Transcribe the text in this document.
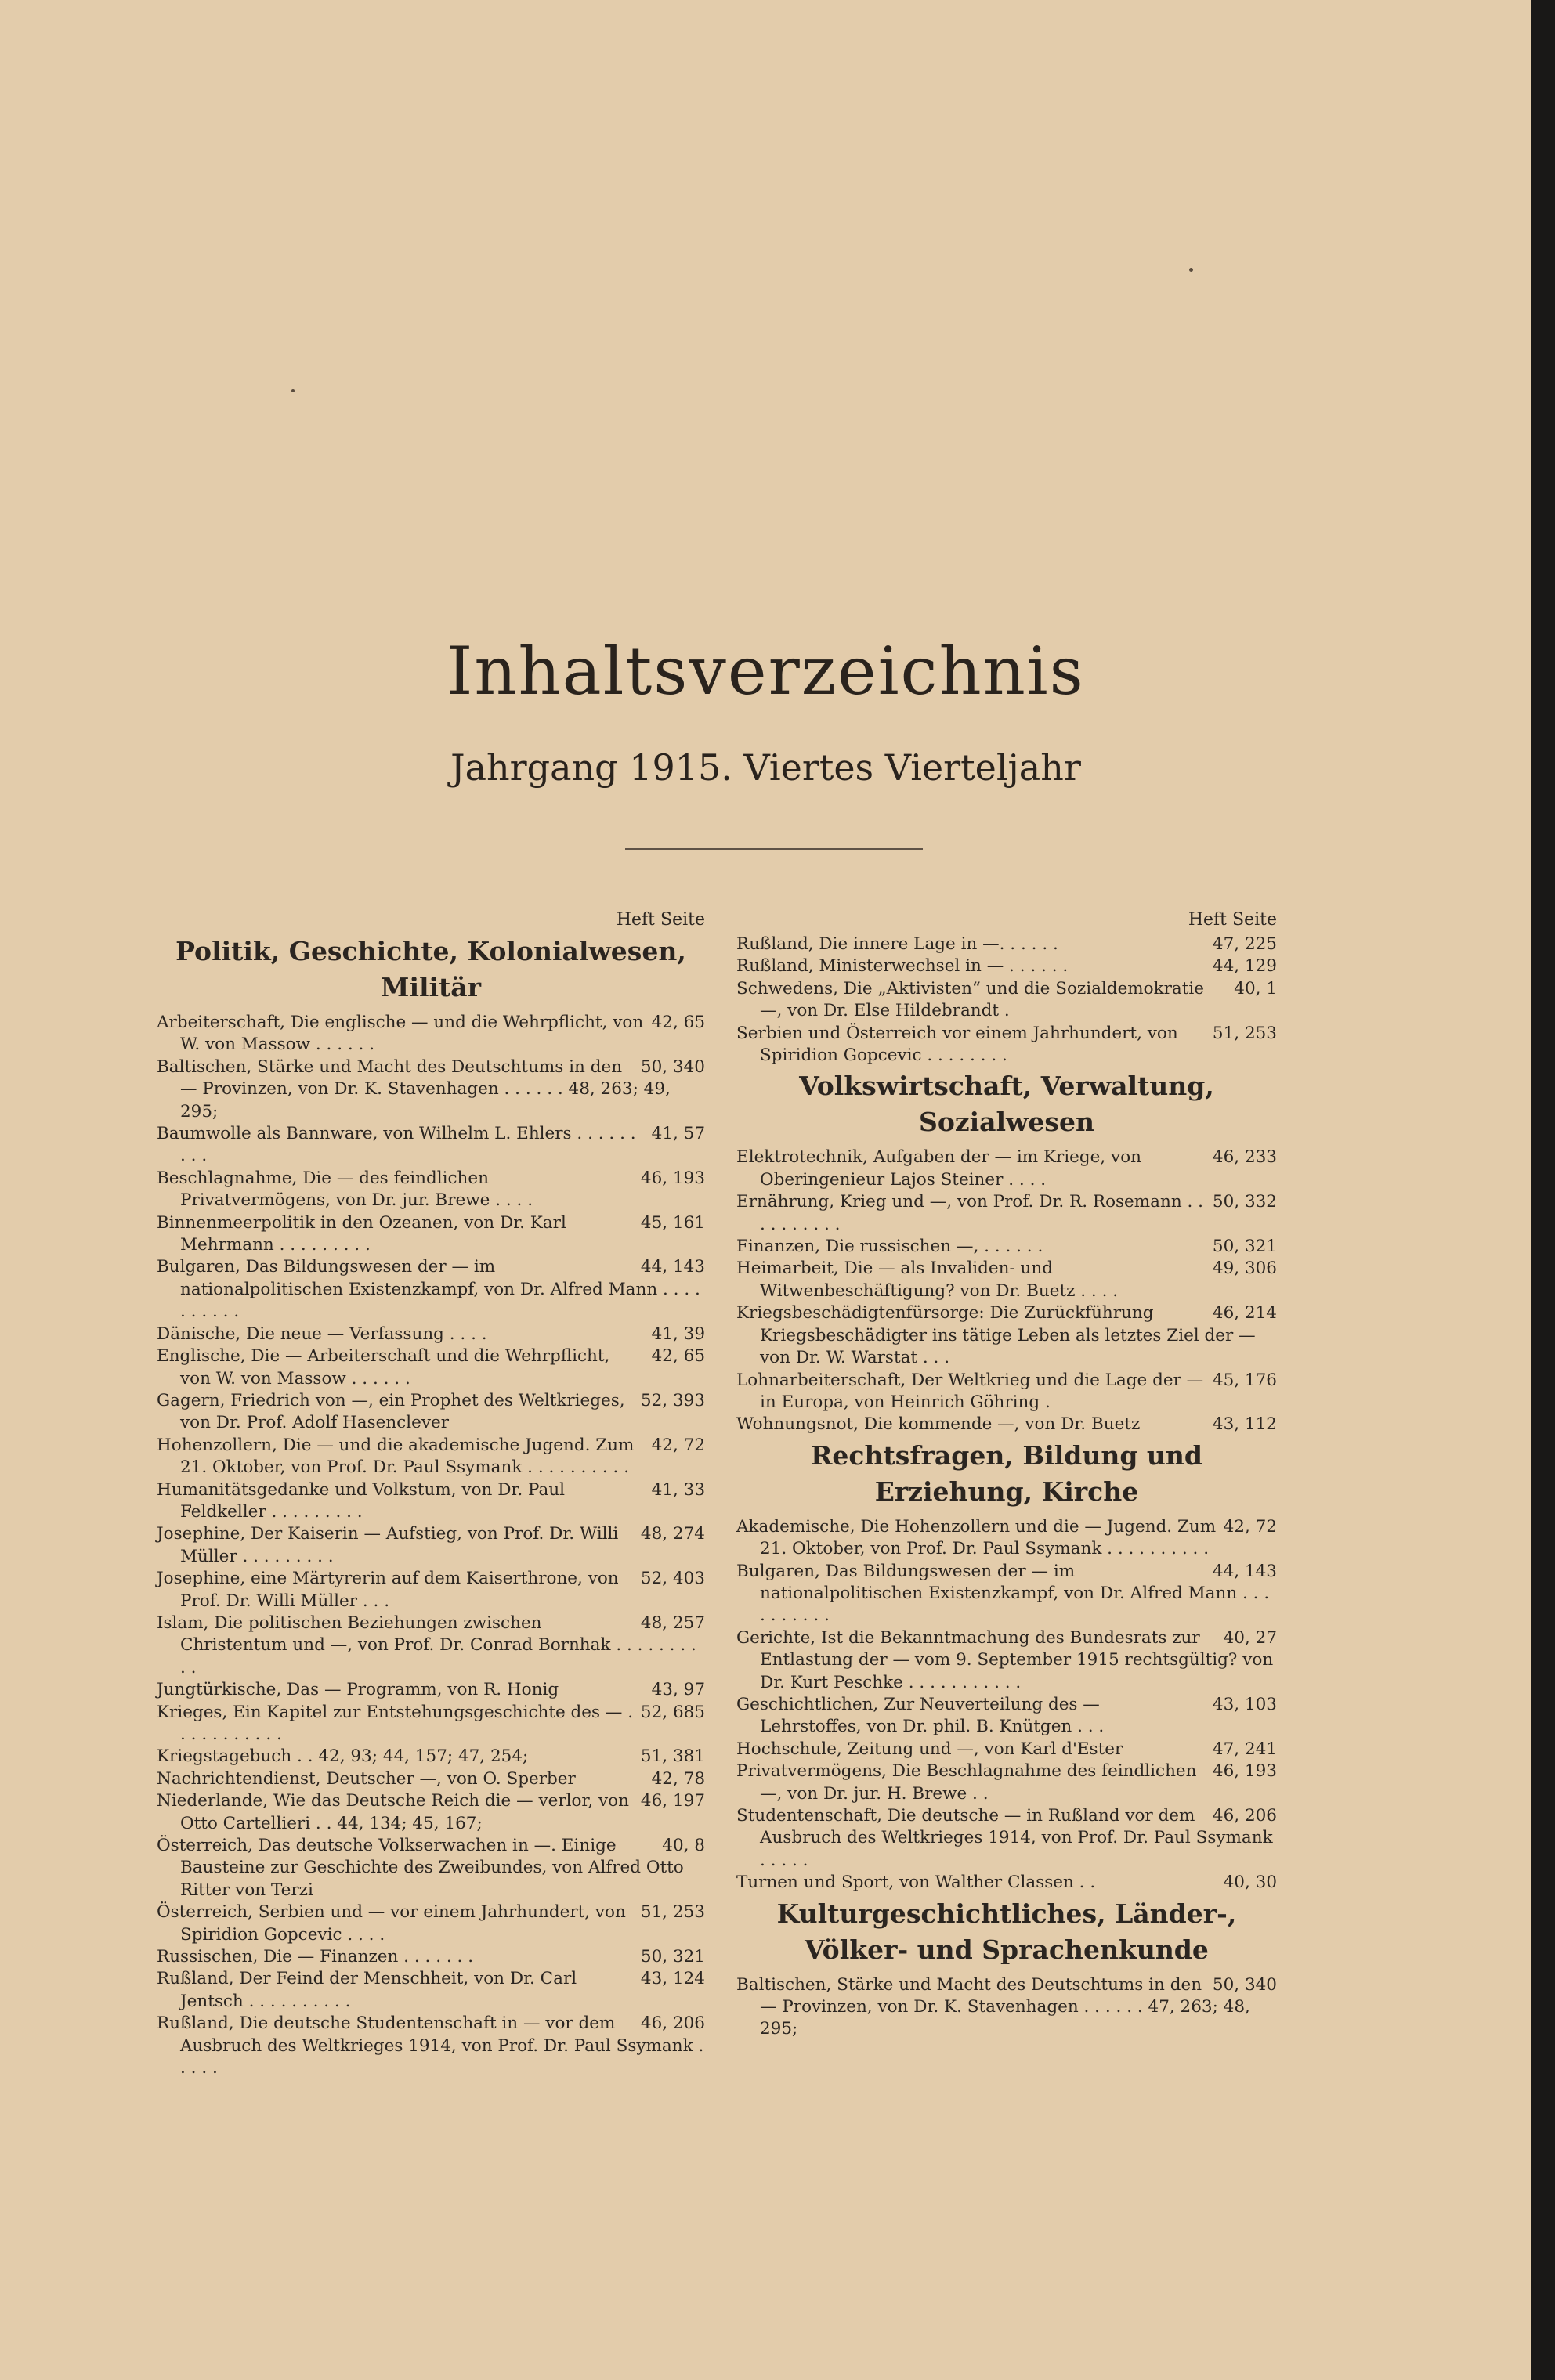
Inhaltsverzeichnis

Jahrgang 1915. Viertes Vierteljahr

Heft Seite
Politik, Geschichte, Kolonialwesen, Militär
42, 65
Arbeiterschaft, Die englische — und die Wehrpflicht, von W. von Massow . . . . . .
50, 340
Baltischen, Stärke und Macht des Deutschtums in den — Provinzen, von Dr. K. Stavenhagen . . . . . . 48, 263; 49, 295;
41, 57
Baumwolle als Bannware, von Wilhelm L. Ehlers . . . . . . . . .
46, 193
Beschlagnahme, Die — des feindlichen Privatvermögens, von Dr. jur. Brewe . . . .
45, 161
Binnenmeerpolitik in den Ozeanen, von Dr. Karl Mehrmann . . . . . . . . .
44, 143
Bulgaren, Das Bildungswesen der — im nationalpolitischen Existenzkampf, von Dr. Alfred Mann . . . . . . . . . .
41, 39
Dänische, Die neue — Verfassung . . . .
42, 65
Englische, Die — Arbeiterschaft und die Wehrpflicht, von W. von Massow . . . . . .
52, 393
Gagern, Friedrich von —, ein Prophet des Weltkrieges, von Dr. Prof. Adolf Hasenclever
42, 72
Hohenzollern, Die — und die akademische Jugend. Zum 21. Oktober, von Prof. Dr. Paul Ssymank . . . . . . . . . .
41, 33
Humanitätsgedanke und Volkstum, von Dr. Paul Feldkeller . . . . . . . . .
48, 274
Josephine, Der Kaiserin — Aufstieg, von Prof. Dr. Willi Müller . . . . . . . . .
52, 403
Josephine, eine Märtyrerin auf dem Kaiserthrone, von Prof. Dr. Willi Müller . . .
48, 257
Islam, Die politischen Beziehungen zwischen Christentum und —, von Prof. Dr. Conrad Bornhak . . . . . . . . . .
43, 97
Jungtürkische, Das — Programm, von R. Honig
52, 685
Krieges, Ein Kapitel zur Entstehungsgeschichte des — . . . . . . . . . . .
51, 381
Kriegstagebuch . . 42, 93; 44, 157; 47, 254;
42, 78
Nachrichtendienst, Deutscher —, von O. Sperber
46, 197
Niederlande, Wie das Deutsche Reich die — verlor, von Otto Cartellieri . . 44, 134; 45, 167;
40, 8
Österreich, Das deutsche Volkserwachen in —. Einige Bausteine zur Geschichte des Zweibundes, von Alfred Otto Ritter von Terzi
51, 253
Österreich, Serbien und — vor einem Jahrhundert, von Spiridion Gopcevic . . . .
50, 321
Russischen, Die — Finanzen . . . . . . .
43, 124
Rußland, Der Feind der Menschheit, von Dr. Carl Jentsch . . . . . . . . . .
46, 206
Rußland, Die deutsche Studentenschaft in — vor dem Ausbruch des Weltkrieges 1914, von Prof. Dr. Paul Ssymank . . . . .
Heft Seite
47, 225
Rußland, Die innere Lage in —. . . . . .
44, 129
Rußland, Ministerwechsel in — . . . . . .
40, 1
Schwedens, Die „Aktivisten“ und die Sozialdemokratie —, von Dr. Else Hildebrandt .
51, 253
Serbien und Österreich vor einem Jahrhundert, von Spiridion Gopcevic . . . . . . . .
Volkswirtschaft, Verwaltung, Sozialwesen
46, 233
Elektrotechnik, Aufgaben der — im Kriege, von Oberingenieur Lajos Steiner . . . .
50, 332
Ernährung, Krieg und —, von Prof. Dr. R. Rosemann . . . . . . . . . .
50, 321
Finanzen, Die russischen —, . . . . . .
49, 306
Heimarbeit, Die — als Invaliden- und Witwenbeschäftigung? von Dr. Buetz . . . .
46, 214
Kriegsbeschädigtenfürsorge: Die Zurückführung Kriegsbeschädigter ins tätige Leben als letztes Ziel der — von Dr. W. Warstat . . .
45, 176
Lohnarbeiterschaft, Der Weltkrieg und die Lage der — in Europa, von Heinrich Göhring .
43, 112
Wohnungsnot, Die kommende —, von Dr. Buetz
Rechtsfragen, Bildung und Erziehung, Kirche
42, 72
Akademische, Die Hohenzollern und die — Jugend. Zum 21. Oktober, von Prof. Dr. Paul Ssymank . . . . . . . . . .
44, 143
Bulgaren, Das Bildungswesen der — im nationalpolitischen Existenzkampf, von Dr. Alfred Mann . . . . . . . . . .
40, 27
Gerichte, Ist die Bekanntmachung des Bundesrats zur Entlastung der — vom 9. September 1915 rechtsgültig? von Dr. Kurt Peschke . . . . . . . . . . .
43, 103
Geschichtlichen, Zur Neuverteilung des — Lehrstoffes, von Dr. phil. B. Knütgen . . .
47, 241
Hochschule, Zeitung und —, von Karl d'Ester
46, 193
Privatvermögens, Die Beschlagnahme des feindlichen —, von Dr. jur. H. Brewe . .
46, 206
Studentenschaft, Die deutsche — in Rußland vor dem Ausbruch des Weltkrieges 1914, von Prof. Dr. Paul Ssymank . . . . .
40, 30
Turnen und Sport, von Walther Classen . .
Kulturgeschichtliches, Länder-, Völker- und Sprachenkunde
50, 340
Baltischen, Stärke und Macht des Deutschtums in den — Provinzen, von Dr. K. Stavenhagen . . . . . . 47, 263; 48, 295;
